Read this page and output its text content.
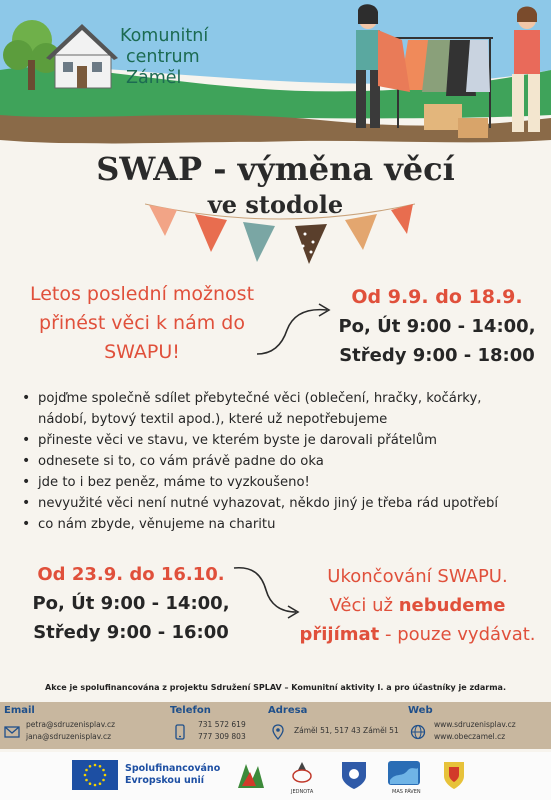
Komunitní
centrum
Zámĕl
SWAP - výměna věcí
ve stodole
Letos poslední možnost
přinést věci k nám do
SWAPU!
Od 9.9. do 18.9.
Po, Út 9:00 - 14:00,
Středy 9:00 - 18:00
• pojďme společně sdílet přebytečné věci (oblečení, hračky, kočárky,
nádobí, bytový textil apod.), které už nepotřebujeme
• přineste věci ve stavu, ve kterém byste je darovali přátelům
• odnesete si to, co vám právě padne do oka
• jde to i bez peněz, máme to vyzkoušeno!
• nevyužité věci není nutné vyhazovat, někdo jiný je třeba rád upotřebí
• co nám zbyde, věnujeme na charitu
Od 23.9. do 16.10.
Po, Út 9:00 - 14:00,
Středy 9:00 - 16:00
Ukončování SWAPU.
Věci už nebudeme
přijímat - pouze vydávat.
Akce je spolufinancována z projektu Sdružení SPLAV – Komunitní aktivity I. a pro účastníky je zdarma.
Email
petra@sdruzenisplav.cz
jana@sdruzenisplav.cz
Telefon
731 572 619
777 309 803
Adresa
Zámĕl 51, 517 43 Zámĕl 51
Web
www.sdruzenisplav.cz
www.obeczamel.cz
Spolufinancováno
Evropskou unií
JEDNOTA	MAS PÁVEN
